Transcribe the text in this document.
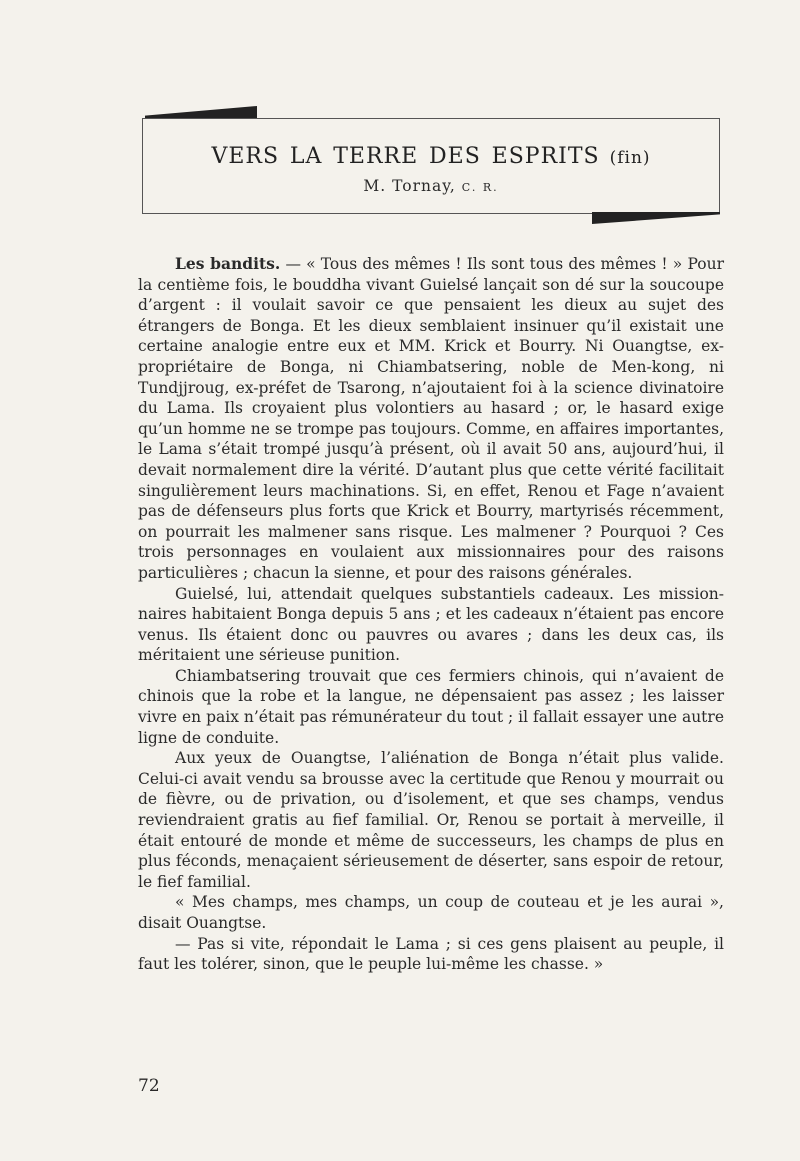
vers la terre des esprits (fin)
M. Tornay, C. R.

Les bandits. — « Tous des mêmes ! Ils sont tous des mêmes ! » Pour la centième fois, le bouddha vivant Guielsé lançait son dé sur la soucoupe d’argent : il voulait savoir ce que pensaient les dieux au sujet des étrangers de Bonga. Et les dieux semblaient insinuer qu’il existait une certaine analogie entre eux et MM. Krick et Bourry. Ni Ouangtse, ex-propriétaire de Bonga, ni Chiambatsering, noble de Men-kong, ni Tundjjroug, ex-préfet de Tsarong, n’ajoutaient foi à la science divinatoire du Lama. Ils croyaient plus volontiers au hasard ; or, le hasard exige qu’un homme ne se trompe pas toujours. Comme, en affaires importantes, le Lama s’était trompé jusqu’à présent, où il avait 50 ans, aujourd’hui, il devait normalement dire la vérité. D’autant plus que cette vérité facilitait singulièrement leurs machinations. Si, en effet, Renou et Fage n’avaient pas de défenseurs plus forts que Krick et Bourry, martyrisés récemment, on pourrait les malmener sans risque. Les malmener ? Pourquoi ? Ces trois personnages en voulaient aux missionnaires pour des raisons particulières ; chacun la sienne, et pour des raisons générales.

Guielsé, lui, attendait quelques substantiels cadeaux. Les mission-naires habitaient Bonga depuis 5 ans ; et les cadeaux n’étaient pas encore venus. Ils étaient donc ou pauvres ou avares ; dans les deux cas, ils méritaient une sérieuse punition.

Chiambatsering trouvait que ces fermiers chinois, qui n’avaient de chinois que la robe et la langue, ne dépensaient pas assez ; les laisser vivre en paix n’était pas rémunérateur du tout ; il fallait essayer une autre ligne de conduite.

Aux yeux de Ouangtse, l’aliénation de Bonga n’était plus valide. Celui-ci avait vendu sa brousse avec la certitude que Renou y mourrait ou de fièvre, ou de privation, ou d’isolement, et que ses champs, vendus reviendraient gratis au fief familial. Or, Renou se portait à merveille, il était entouré de monde et même de successeurs, les champs de plus en plus féconds, menaçaient sérieusement de déserter, sans espoir de retour, le fief familial.

« Mes champs, mes champs, un coup de couteau et je les aurai », disait Ouangtse.

— Pas si vite, répondait le Lama ; si ces gens plaisent au peuple, il faut les tolérer, sinon, que le peuple lui-même les chasse. »

72
